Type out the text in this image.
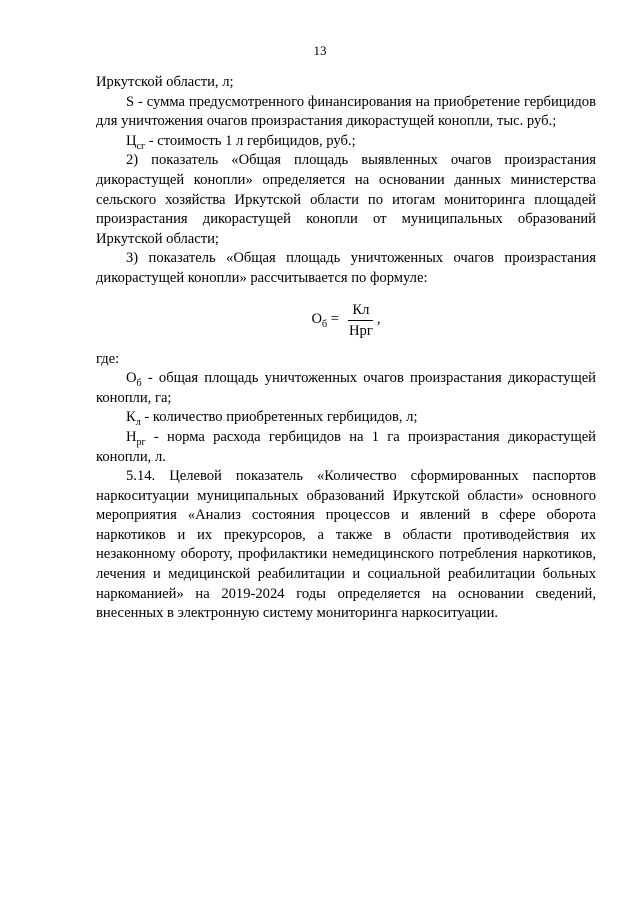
13

Иркутской области, л;

S - сумма предусмотренного финансирования на приобретение гербицидов для уничтожения очагов произрастания дикорастущей конопли, тыс. руб.;

$Ц_{сг}$ - стоимость 1 л гербицидов, руб.;

2) показатель «Общая площадь выявленных очагов произрастания дикорастущей конопли» определяется на основании данных министерства сельского хозяйства Иркутской области по итогам мониторинга площадей произрастания дикорастущей конопли от муниципальных образований Иркутской области;

3) показатель «Общая площадь уничтоженных очагов произрастания дикорастущей конопли» рассчитывается по формуле:

$О_б = \frac{Кл}{\text{Нрг}}$ ,

где:

$О_б$ - общая площадь уничтоженных очагов произрастания дикорастущей конопли, га;

$К_л$ - количество приобретенных гербицидов, л;

$Н_{рг}$ - норма расхода гербицидов на 1 га произрастания дикорастущей конопли, л.

5.14. Целевой показатель «Количество сформированных паспортов наркоситуации муниципальных образований Иркутской области» основного мероприятия «Анализ состояния процессов и явлений в сфере оборота наркотиков и их прекурсоров, а также в области противодействия их незаконному обороту, профилактики немедицинского потребления наркотиков, лечения и медицинской реабилитации и социальной реабилитации больных наркоманией» на 2019-2024 годы определяется на основании сведений, внесенных в электронную систему мониторинга наркоситуации.
